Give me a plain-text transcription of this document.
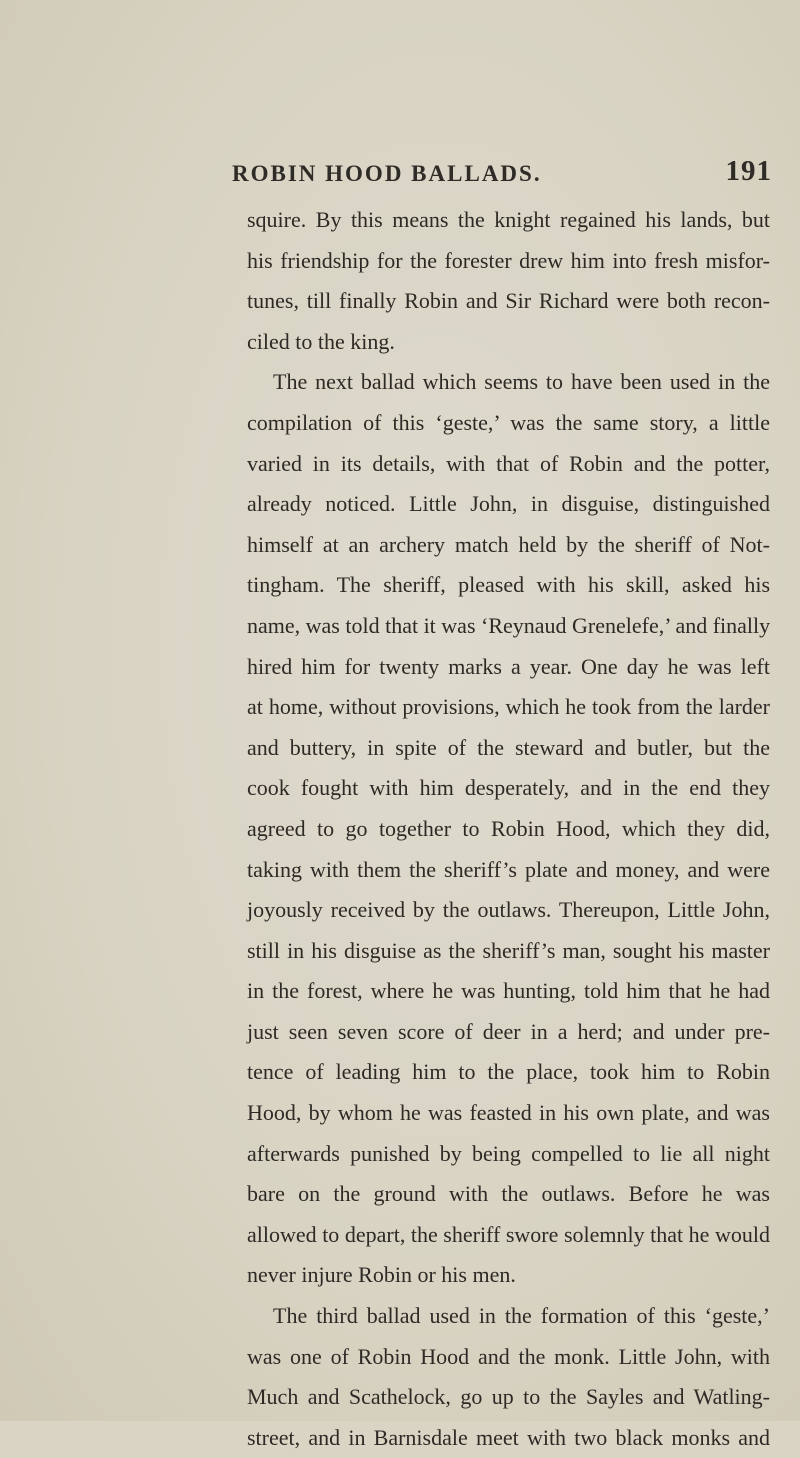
ROBIN HOOD BALLADS.	191
squire. By this means the knight regained his lands, but
his friendship for the forester drew him into fresh misfor-
tunes, till finally Robin and Sir Richard were both recon-
ciled to the king.
The next ballad which seems to have been used in the
compilation of this ‘geste,’ was the same story, a little
varied in its details, with that of Robin and the potter,
already noticed. Little John, in disguise, distinguished
himself at an archery match held by the sheriff of Not-
tingham. The sheriff, pleased with his skill, asked his
name, was told that it was ‘Reynaud Grenelefe,’ and finally
hired him for twenty marks a year. One day he was left
at home, without provisions, which he took from the larder
and buttery, in spite of the steward and butler, but the
cook fought with him desperately, and in the end they
agreed to go together to Robin Hood, which they did,
taking with them the sheriff’s plate and money, and were
joyously received by the outlaws. Thereupon, Little John,
still in his disguise as the sheriff’s man, sought his master
in the forest, where he was hunting, told him that he had
just seen seven score of deer in a herd; and under pre-
tence of leading him to the place, took him to Robin
Hood, by whom he was feasted in his own plate, and was
afterwards punished by being compelled to lie all night
bare on the ground with the outlaws. Before he was
allowed to depart, the sheriff swore solemnly that he would
never injure Robin or his men.
The third ballad used in the formation of this ‘geste,’
was one of Robin Hood and the monk. Little John, with
Much and Scathelock, go up to the Sayles and Watling-
street, and in Barnisdale meet with two black monks and
